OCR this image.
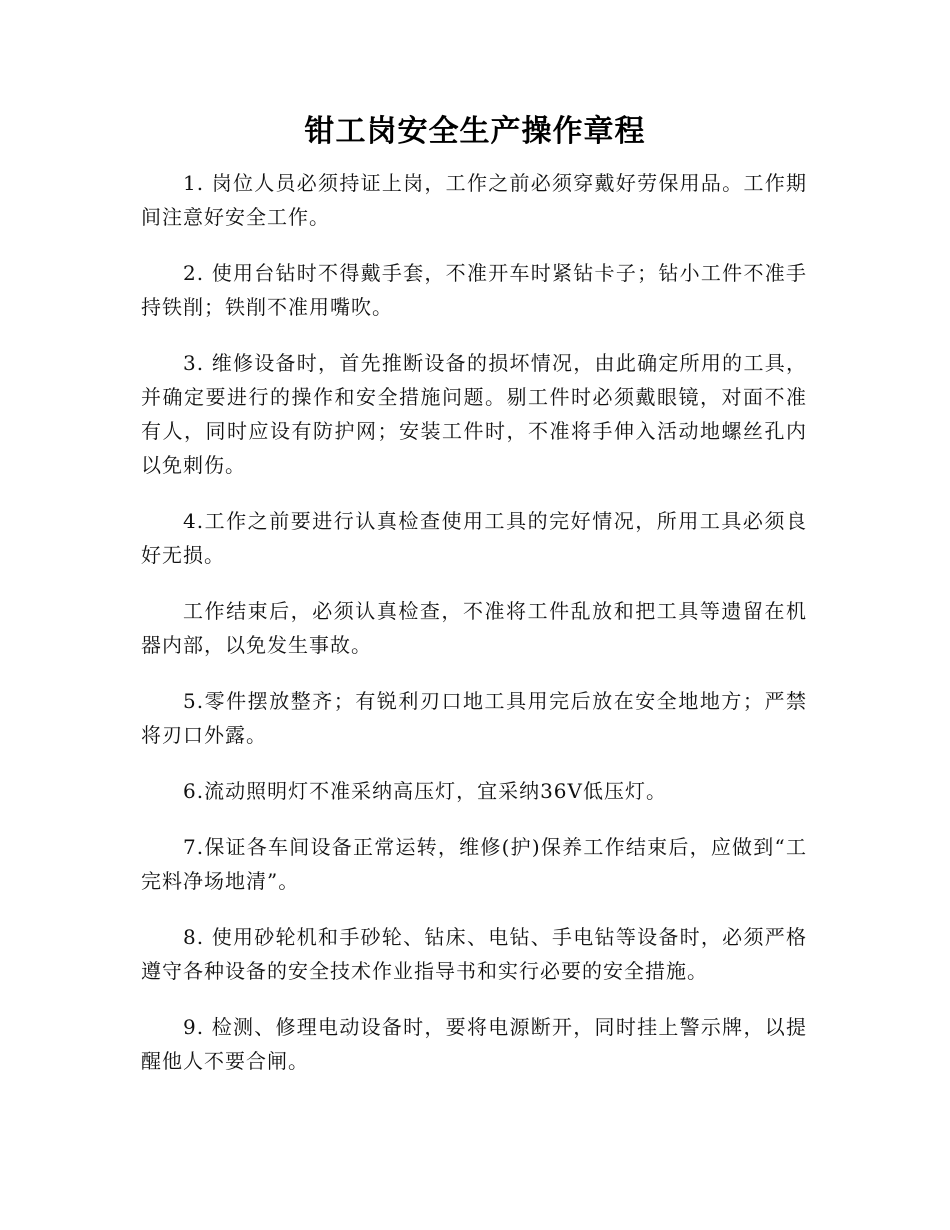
钳工岗安全生产操作章程

1. 岗位人员必须持证上岗，工作之前必须穿戴好劳保用品。工作期间注意好安全工作。

2. 使用台钻时不得戴手套，不准开车时紧钻卡子；钻小工件不准手持铁削；铁削不准用嘴吹。

3. 维修设备时，首先推断设备的损坏情况，由此确定所用的工具，并确定要进行的操作和安全措施问题。剔工件时必须戴眼镜，对面不准有人，同时应设有防护网；安装工件时，不准将手伸入活动地螺丝孔内以免刺伤。

4.工作之前要进行认真检查使用工具的完好情况，所用工具必须良好无损。

工作结束后，必须认真检查，不准将工件乱放和把工具等遗留在机器内部，以免发生事故。

5.零件摆放整齐；有锐利刃口地工具用完后放在安全地地方；严禁将刃口外露。

6.流动照明灯不准采纳高压灯，宜采纳36V低压灯。

7.保证各车间设备正常运转，维修(护)保养工作结束后，应做到“工完料净场地清”。

8. 使用砂轮机和手砂轮、钻床、电钻、手电钻等设备时，必须严格遵守各种设备的安全技术作业指导书和实行必要的安全措施。

9. 检测、修理电动设备时，要将电源断开，同时挂上警示牌，以提醒他人不要合闸。
